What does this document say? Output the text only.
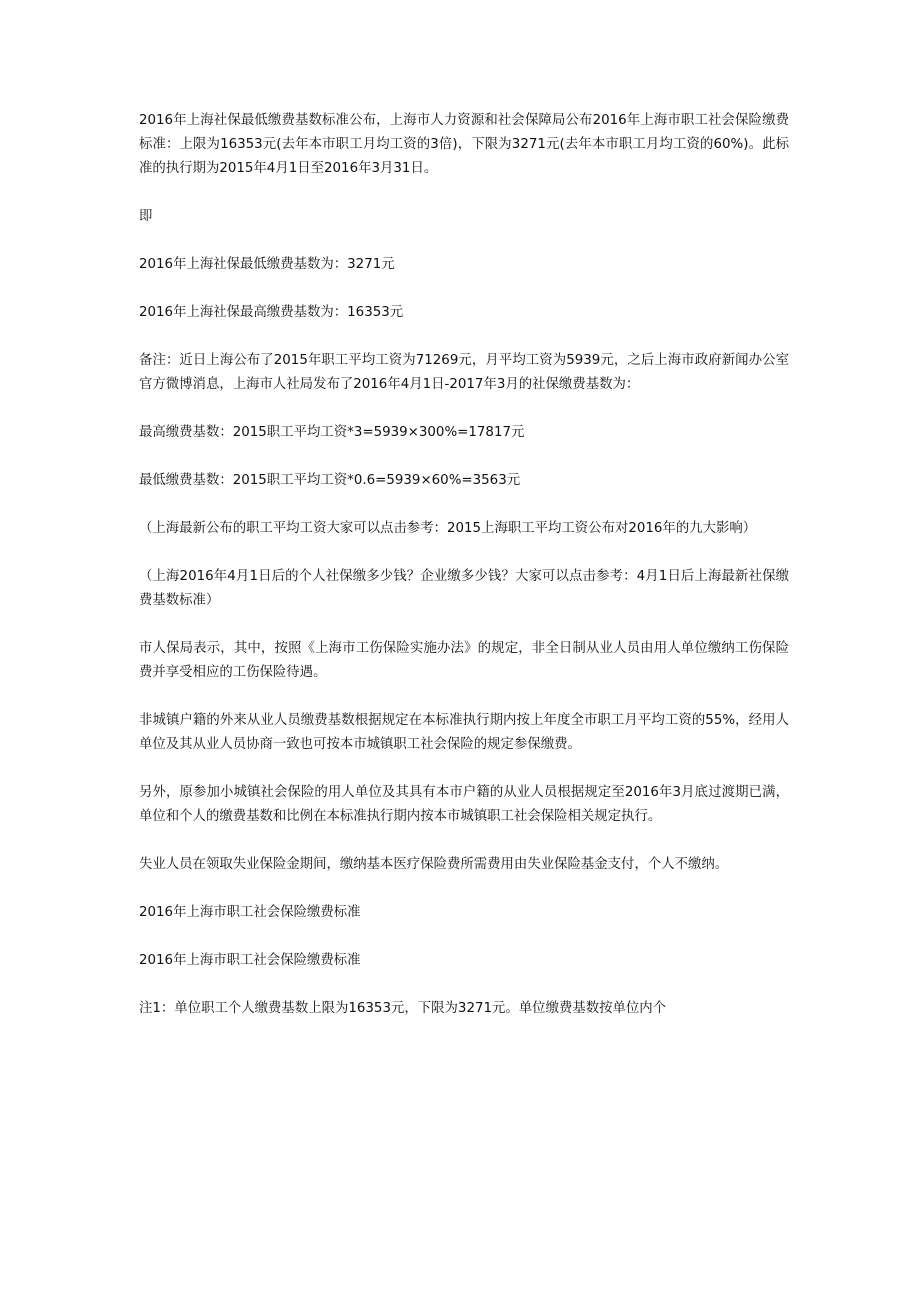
2016年上海社保最低缴费基数标准公布，上海市人力资源和社会保障局公布2016年上海市职工社会保险缴费标准：上限为16353元(去年本市职工月均工资的3倍)，下限为3271元(去年本市职工月均工资的60%)。此标准的执行期为2015年4月1日至2016年3月31日。

即

2016年上海社保最低缴费基数为：3271元

2016年上海社保最高缴费基数为：16353元

备注：近日上海公布了2015年职工平均工资为71269元，月平均工资为5939元，之后上海市政府新闻办公室官方微博消息，上海市人社局发布了2016年4月1日-2017年3月的社保缴费基数为：

最高缴费基数：2015职工平均工资*3=5939×300%=17817元

最低缴费基数：2015职工平均工资*0.6=5939×60%=3563元

（上海最新公布的职工平均工资大家可以点击参考：2015上海职工平均工资公布对2016年的九大影响）

（上海2016年4月1日后的个人社保缴多少钱？企业缴多少钱？大家可以点击参考：4月1日后上海最新社保缴费基数标准）

市人保局表示，其中，按照《上海市工伤保险实施办法》的规定，非全日制从业人员由用人单位缴纳工伤保险费并享受相应的工伤保险待遇。

非城镇户籍的外来从业人员缴费基数根据规定在本标准执行期内按上年度全市职工月平均工资的55%，经用人单位及其从业人员协商一致也可按本市城镇职工社会保险的规定参保缴费。

另外，原参加小城镇社会保险的用人单位及其具有本市户籍的从业人员根据规定至2016年3月底过渡期已满，单位和个人的缴费基数和比例在本标准执行期内按本市城镇职工社会保险相关规定执行。

失业人员在领取失业保险金期间，缴纳基本医疗保险费所需费用由失业保险基金支付，个人不缴纳。

2016年上海市职工社会保险缴费标准

2016年上海市职工社会保险缴费标准

注1：单位职工个人缴费基数上限为16353元，下限为3271元。单位缴费基数按单位内个
